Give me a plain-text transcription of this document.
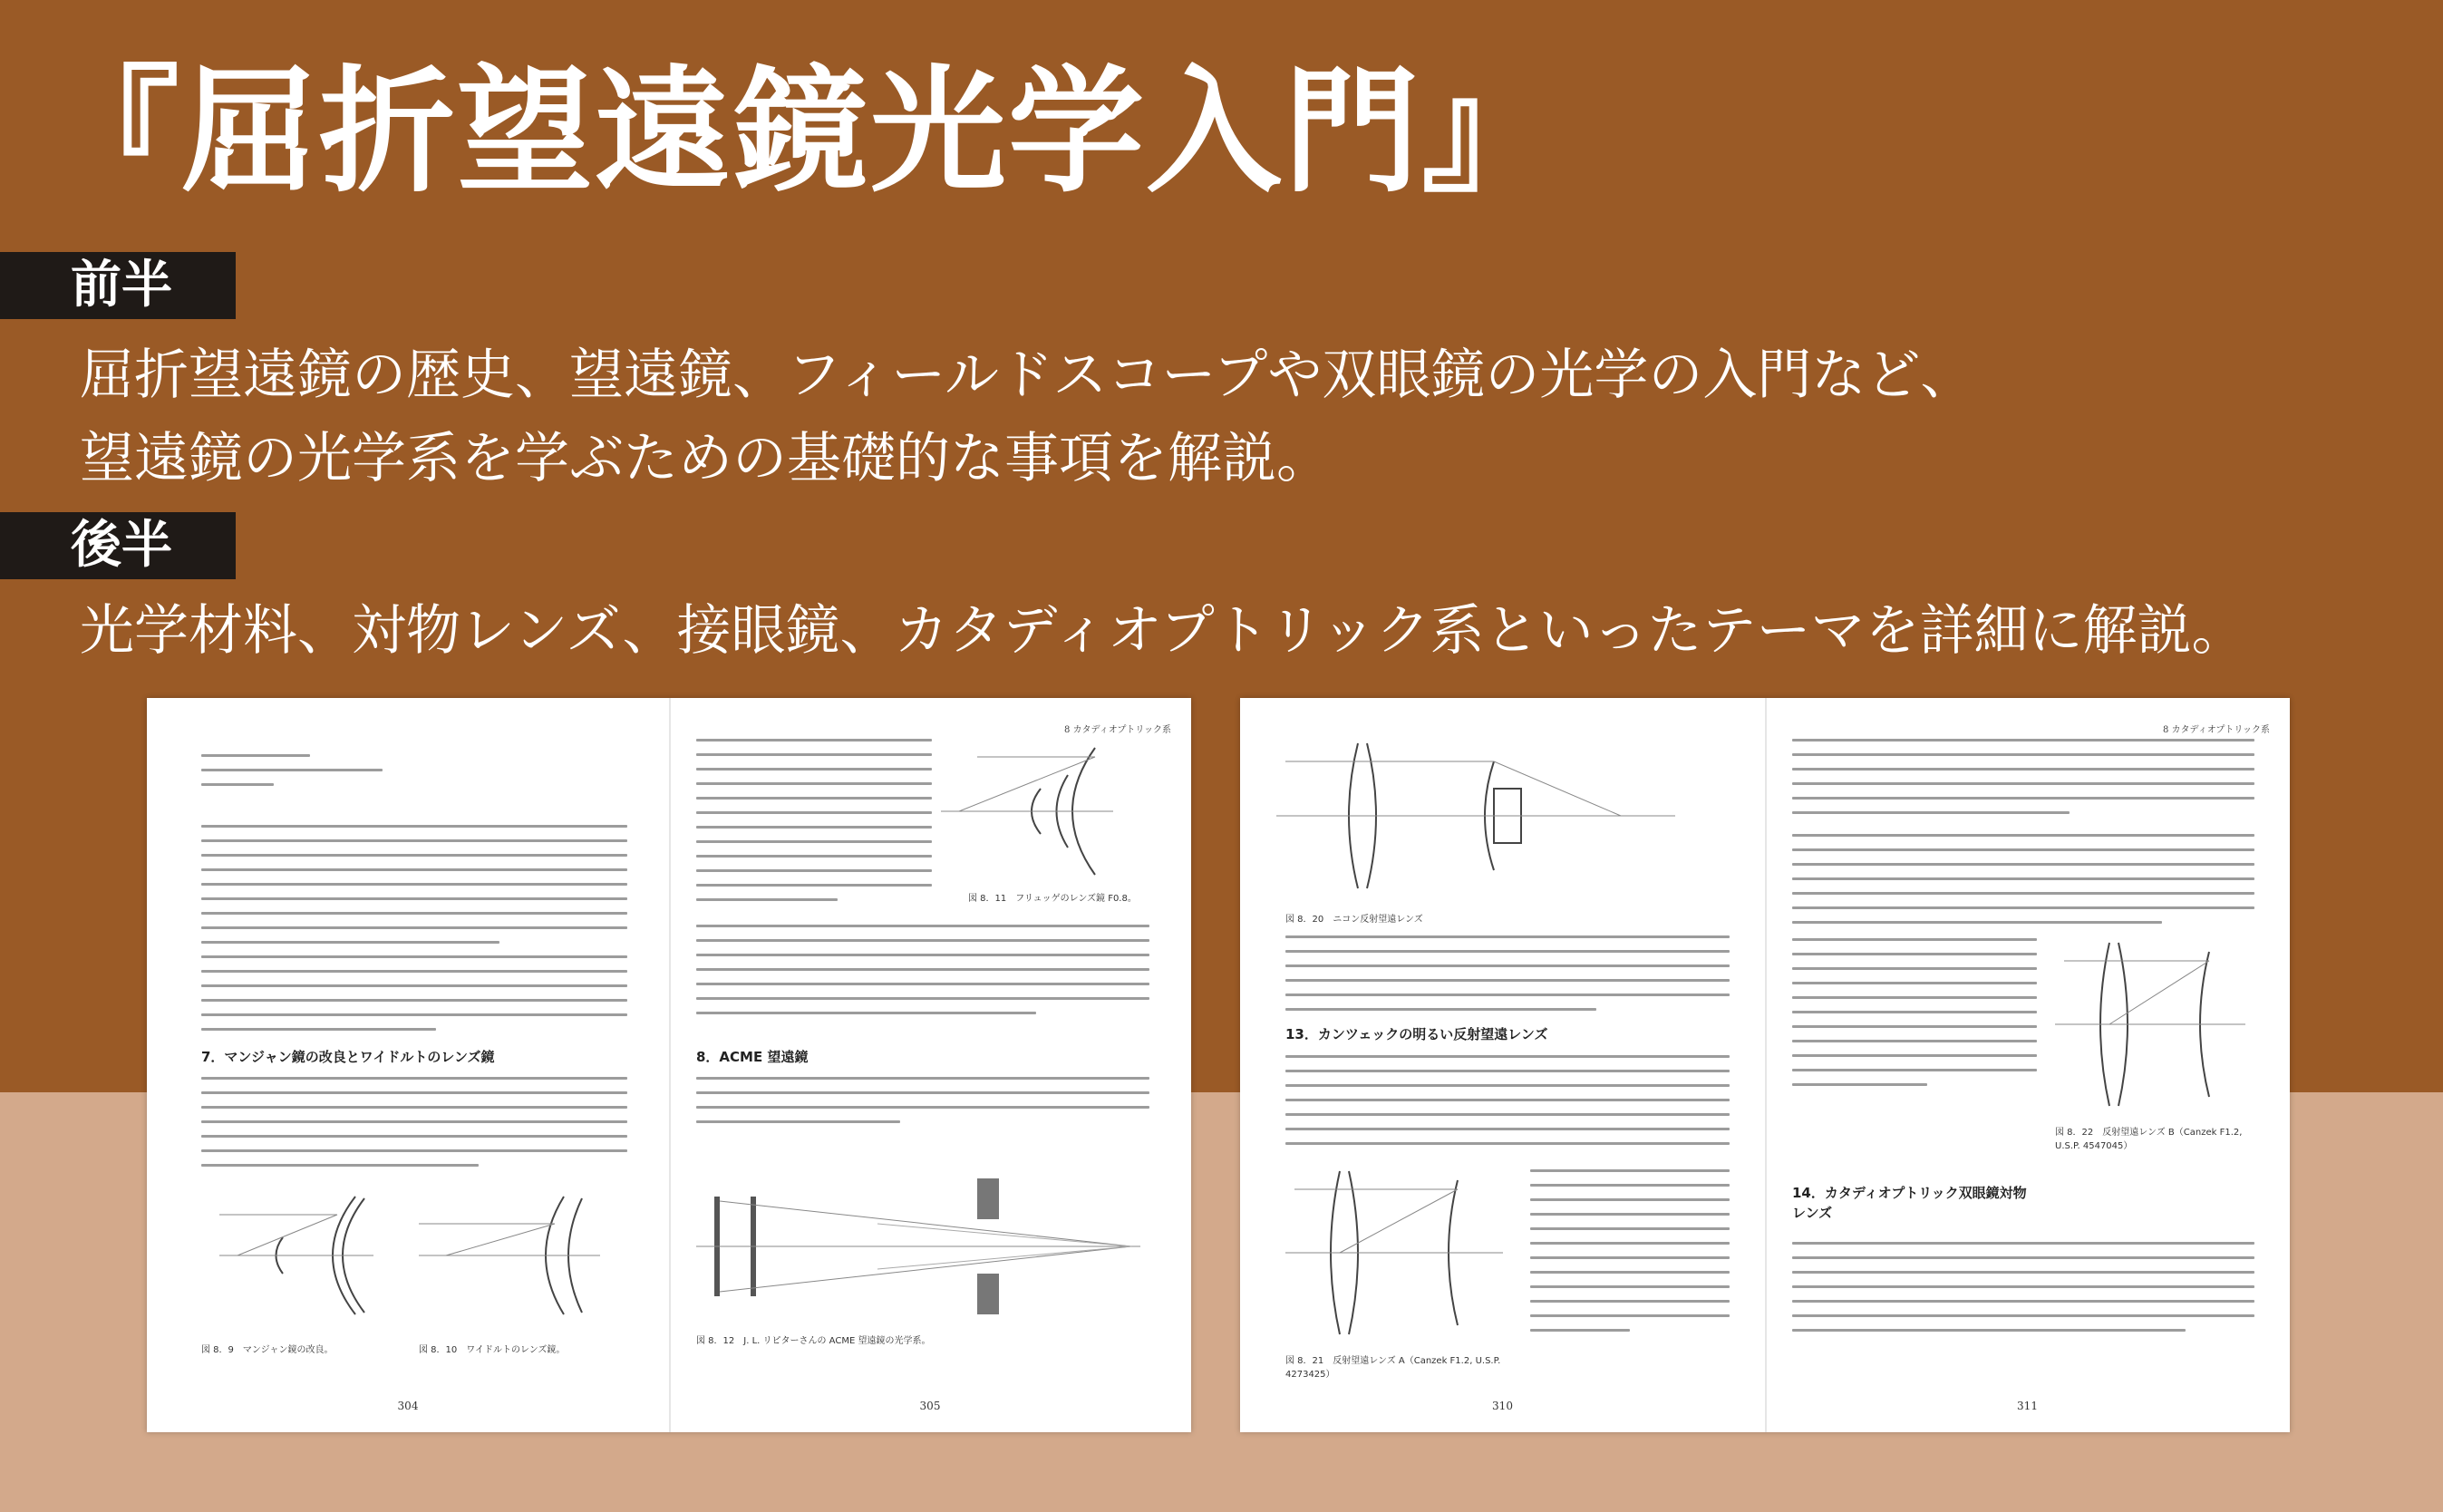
『屈折望遠鏡光学入門』
前半
屈折望遠鏡の歴史、望遠鏡、フィールドスコープや双眼鏡の光学の入門など、
望遠鏡の光学系を学ぶための基礎的な事項を解説。
後半
光学材料、対物レンズ、接眼鏡、カタディオプトリック系といったテーマを詳細に解説。
7．マンジャン鏡の改良とワイドルトのレンズ鏡
図 8．9　マンジャン鏡の改良。	図 8．10　ワイドルトのレンズ鏡。
304
8 カタディオプトリック系
図 8．11　フリュッゲのレンズ鏡 F0.8。
8．ACME 望遠鏡
図 8．12　J. L. リピターさんの ACME 望遠鏡の光学系。
305
図 8．20　ニコン反射望遠レンズ
13．カンツェックの明るい反射望遠レンズ
図 8．21　反射望遠レンズ A（Canzek F1.2, U.S.P. 4273425）
310
8 カタディオプトリック系
図 8．22　反射望遠レンズ B（Canzek F1.2, U.S.P. 4547045）
14．カタディオプトリック双眼鏡対物レンズ
311
